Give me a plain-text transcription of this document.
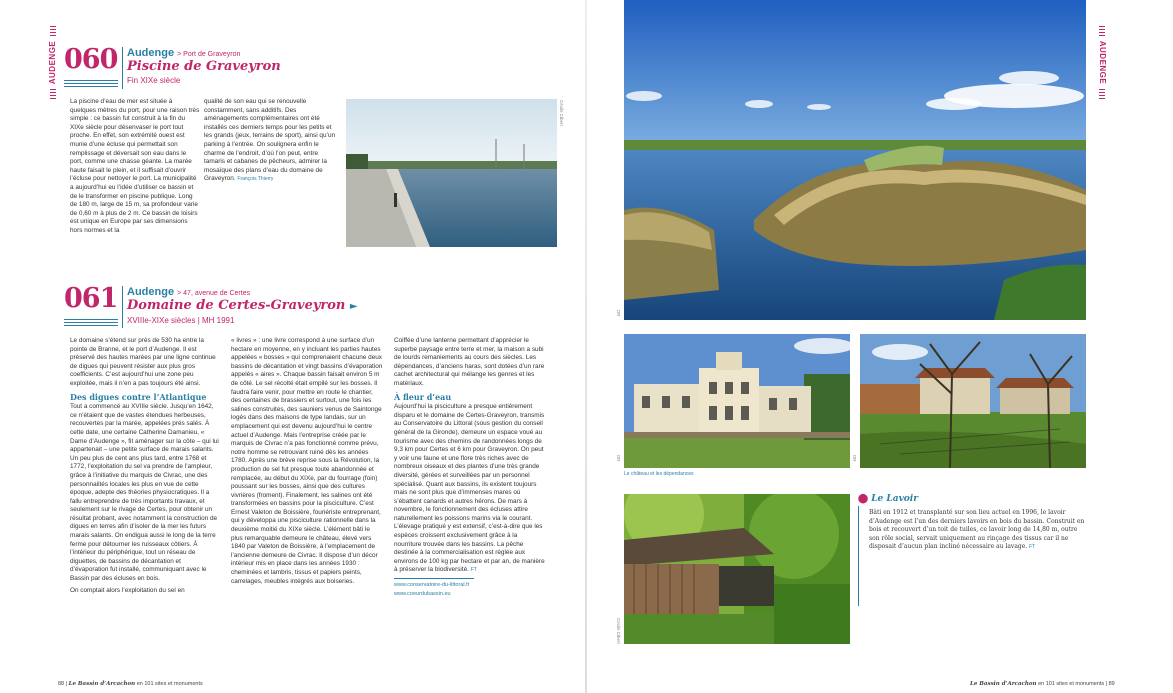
AUDENGE	AUDENGE
060 Audenge > Port de Graveyron
Piscine de Graveyron
Fin XIXe siècle

La piscine d’eau de mer est située à quelques mètres du port, pour une raison très simple : ce bassin fut construit à la fin du XIXe siècle pour désenvaser le port tout proche. En effet, son extrémité ouest est munie d’une écluse qui permettait son remplissage et déversait son eau dans le port, comme une chasse géante. La marée haute faisait le plein, et il suffisait d’ouvrir l’écluse pour nettoyer le port. La municipalité a aujourd’hui eu l’idée d’utiliser ce bassin et de le transformer en piscine publique. Long de 180 m, large de 15 m, sa profondeur varie de 0,60 m à plus de 2 m. Ce bassin de loisirs est unique en Europe par ses dimensions hors normes et la

qualité de son eau qui se renouvelle constamment, sans additifs. Des aménagements complémentaires ont été installés ces derniers temps pour les petits et les grands (jeux, terrains de sport), ainsi qu’un parking à l’entrée. On soulignera enfin le charme de l’endroit, d’où l’on peut, entre tamaris et cabanes de pêcheurs, admirer la mosaïque des plans d’eau du domaine de Graveyron. François Thierry

Cécile Cibert
061 Audenge > 47, avenue de Certes
Domaine de Certes-Graveyron ►
XVIIIe-XIXe siècles | MH 1991

Le domaine s’étend sur près de 530 ha entre la pointe de Branne, et le port d’Audenge. Il est préservé des hautes marées par une ligne continue de digues qui peuvent résister aux plus gros coefficients. C’est aujourd’hui une zone peu exploitée, mais il n’en a pas toujours été ainsi.

Des digues contre l’Atlantique

Tout a commencé au XVIIIe siècle. Jusqu’en 1642, ce n’étaient que de vastes étendues herbeuses, recouvertes par la marée, appelées prés salés. À cette date, une certaine Catherine Damanieu, « Dame d’Audenge », fit aménager sur la côte – qui lui appartenait – une petite surface de marais salants. Un peu plus de cent ans plus tard, entre 1768 et 1772, l’exploitation du sel va prendre de l’ampleur, grâce à l’initiative du marquis de Civrac, une des personnalités locales les plus en vue de cette époque, adepte des théories physiocratiques. Il a fallu entreprendre de très importants travaux, et seulement sur le rivage de Certes, pour obtenir un résultat probant, avec notamment la construction de digues en terres afin d’isoler de la mer les futurs marais salants. On endigua aussi le long de la terre ferme pour détourner les ruisseaux côtiers. À l’intérieur du périphérique, tout un réseau de diguettes, de bassins de décantation et d’évaporation fut installé, communiquant avec le Bassin par des écluses en bois.

On comptait alors l’exploitation du sel en

« livres » : une livre correspond à une surface d’un hectare en moyenne, en y incluant les parties hautes appelées « bosses » qui comprenaient chacune deux bassins de décantation et vingt bassins d’évaporation appelés « aires ». Chaque bassin faisait environ 5 m de côté. Le sel récolté était empilé sur les bosses. Il faudra faire venir, pour mettre en route le chantier, des centaines de brassiers et surtout, une fois les salines construites, des sauniers venus de Saintonge logés dans des maisons de type landais, sur un emplacement qui est devenu aujourd’hui le centre actuel d’Audenge. Mais l’entreprise créée par le marquis de Civrac n’a pas fonctionné comme prévu, notre homme se retrouvant ruiné dès les années 1780. Après une brève reprise sous la Révolution, la production de sel fut presque toute abandonnée et remplacée, au début du XIXe, par du fourrage (foin) poussant sur les bosses, ainsi que des cultures vivrières (froment). Finalement, les salines ont été transformées en bassins pour la pisciculture. C’est Ernest Valeton de Boissière, fouriériste entreprenant, qui y développa une pisciculture rationnelle dans la deuxième moitié du XIXe siècle. L’élément bâti le plus remarquable demeure le château, élevé vers 1840 par Valeton de Boissière, à l’emplacement de l’ancienne demeure de Civrac. Il dispose d’un décor intérieur mis en place dans les années 1930 : cheminées et lambris, tissus et papiers peints, carrelages, meubles intégrés aux boiseries.

Coiffée d’une lanterne permettant d’apprécier le superbe paysage entre terre et mer, la maison a subi de lourds remaniements au cours des siècles. Les dépendances, d’anciens haras, sont dotées d’un rare cachet architectural qui mélange les genres et les matériaux.

À fleur d’eau

Aujourd’hui la pisciculture a presque entièrement disparu et le domaine de Certes-Graveyron, transmis au Conservatoire du Littoral (sous gestion du conseil général de la Gironde), demeure un espace voué au tourisme avec des chemins de randonnées longs de 9,3 km pour Certes et 6 km pour Graveyron. On peut y voir une faune et une flore très riches avec de nombreux oiseaux et des plantes d’une très grande diversité, gérées et surveillées par un personnel spécialisé. Quant aux bassins, ils existent toujours mais ne sont plus que d’immenses mares où s’ébattent canards et autres hérons. De mars à novembre, le fonctionnement des écluses attire naturellement les poissons marins via le courant. L’élevage pratiqué y est extensif, c’est-à-dire que les espèces croissent exclusivement grâce à la nourriture trouvée dans les bassins. La pêche destinée à la commercialisation est réglée aux environs de 100 kg par hectare et par an, de manière à préserver la biodiversité. FT

www.conservatoire-du-littoral.fr
www.coeurdubassin.eu
DR
Le château et les dépendances
DR	DR
Cécile Cibert
⬤ Le Lavoir
Bâti en 1912 et transplanté sur son lieu actuel en 1996, le lavoir d’Audenge est l’un des derniers lavoirs en bois du bassin. Construit en bois et recouvert d’un toit de tuiles, ce lavoir long de 14,80 m, outre son rôle social, servait uniquement au rinçage des tissus car il ne disposait d’aucun plan incliné nécessaire au lavage. FT
88 | Le Bassin d’Arcachon en 101 sites et monuments	Le Bassin d’Arcachon en 101 sites et monuments | 89
